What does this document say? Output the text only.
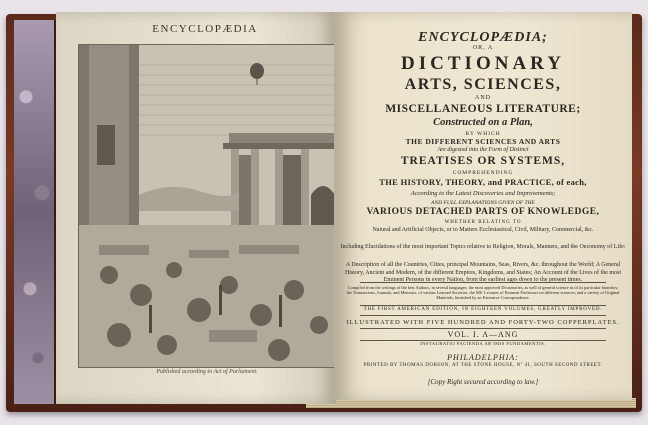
ENCYCLOPÆDIA
Published according to Act of Parliament.
ENCYCLOPÆDIA;
OR, A
DICTIONARY
ARTS, SCIENCES,
AND
MISCELLANEOUS LITERATURE;
Constructed on a Plan,
BY WHICH
THE DIFFERENT SCIENCES AND ARTS
Are digested into the Form of Distinct
TREATISES OR SYSTEMS,
COMPREHENDING
THE HISTORY, THEORY, and PRACTICE, of each,
According to the Latest Discoveries and Improvements;
AND FULL EXPLANATIONS GIVEN OF THE
VARIOUS DETACHED PARTS OF KNOWLEDGE,
WHETHER RELATING TO
Natural and Artificial Objects, or to Matters Ecclesiastical, Civil, Military, Commercial, &c.
Including Elucidations of the most important Topics relative to Religion, Morals, Manners, and the Oeconomy of Life:
A Description of all the Countries, Cities, principal Mountains, Seas, Rivers, &c. throughout the World; A General History, Ancient and Modern, of the different Empires, Kingdoms, and States; An Account of the Lives of the most Eminent Persons in every Nation, from the earliest ages down to the present times.
Compiled from the writings of the best Authors, in several languages; the most approved Dictionaries, as well of general science as of its particular branches; the Transactions, Journals, and Memoirs, of various Learned Societies, the MS. Lectures of Eminent Professors on different sciences; and a variety of Original Materials, furnished by an Extensive Correspondence.
THE FIRST AMERICAN EDITION, IN EIGHTEEN VOLUMES, GREATLY IMPROVED.
ILLUSTRATED WITH FIVE HUNDRED AND FORTY-TWO COPPERPLATES.
VOL. I. A—ANG
INSTAURATIO FACIENDA AB IMIS FUNDAMENTIS.
PHILADELPHIA:
PRINTED BY THOMAS DOBSON, AT THE STONE HOUSE, Nº 41, SOUTH SECOND STREET.
[Copy Right secured according to law.]
